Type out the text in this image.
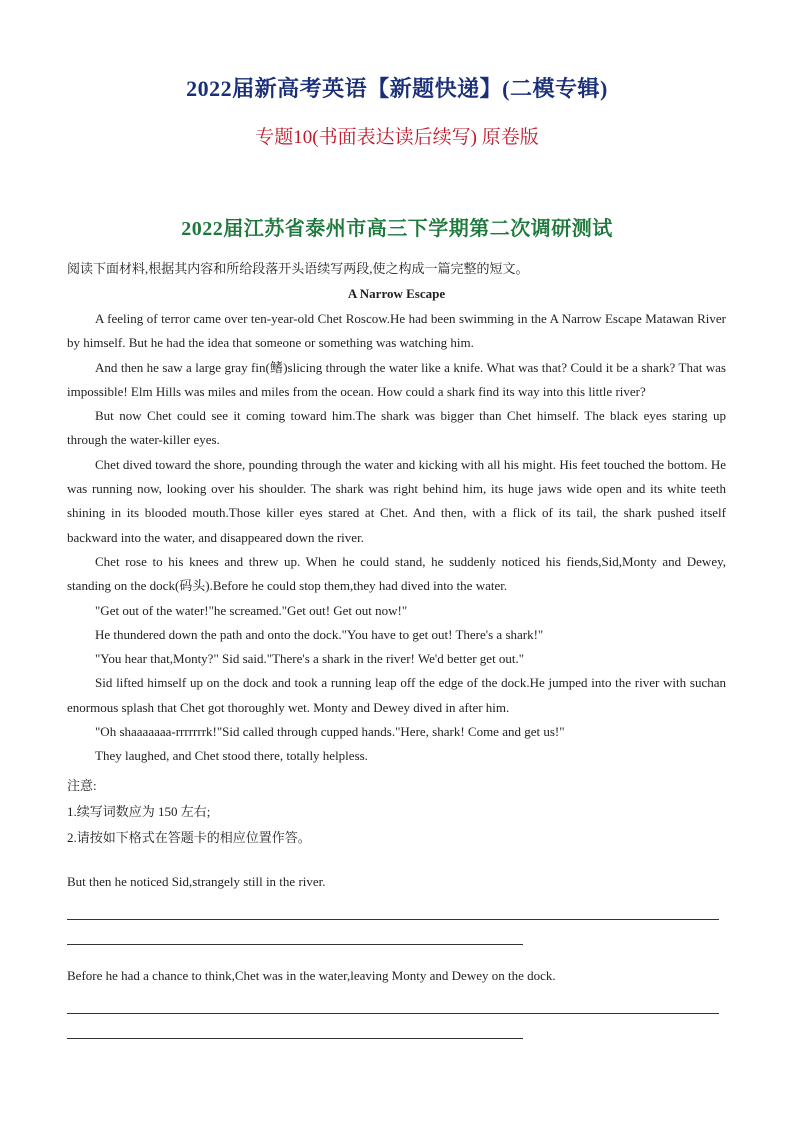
2022届新高考英语【新题快递】(二模专辑)
专题10(书面表达读后续写) 原卷版
2022届江苏省泰州市高三下学期第二次调研测试

阅读下面材料,根据其内容和所给段落开头语续写两段,使之构成一篇完整的短文。

A Narrow Escape

A feeling of terror came over ten-year-old Chet Roscow.He had been swimming in the A Narrow Escape Matawan River by himself. But he had the idea that someone or something was watching him.

And then he saw a large gray fin(鳍)slicing through the water like a knife. What was that? Could it be a shark? That was impossible! Elm Hills was miles and miles from the ocean. How could a shark find its way into this little river?

But now Chet could see it coming toward him.The shark was bigger than Chet himself. The black eyes staring up through the water-killer eyes.

Chet dived toward the shore, pounding through the water and kicking with all his might. His feet touched the bottom. He was running now, looking over his shoulder. The shark was right behind him, its huge jaws wide open and its white teeth shining in its blooded mouth.Those killer eyes stared at Chet. And then, with a flick of its tail, the shark pushed itself backward into the water, and disappeared down the river.

Chet rose to his knees and threw up. When he could stand, he suddenly noticed his fiends,Sid,Monty and Dewey, standing on the dock(码头).Before he could stop them,they had dived into the water.

"Get out of the water!"he screamed."Get out! Get out now!"

He thundered down the path and onto the dock."You have to get out! There's a shark!"

"You hear that,Monty?" Sid said."There's a shark in the river! We'd better get out."

Sid lifted himself up on the dock and took a running leap off the edge of the dock.He jumped into the river with suchan enormous splash that Chet got thoroughly wet. Monty and Dewey dived in after him.

"Oh shaaaaaaa-rrrrrrrk!"Sid called through cupped hands."Here, shark! Come and get us!"

They laughed, and Chet stood there, totally helpless.

注意:

1.续写词数应为 150 左右;

2.请按如下格式在答题卡的相应位置作答。

But then he noticed Sid,strangely still in the river.

Before he had a chance to think,Chet was in the water,leaving Monty and Dewey on the dock.
